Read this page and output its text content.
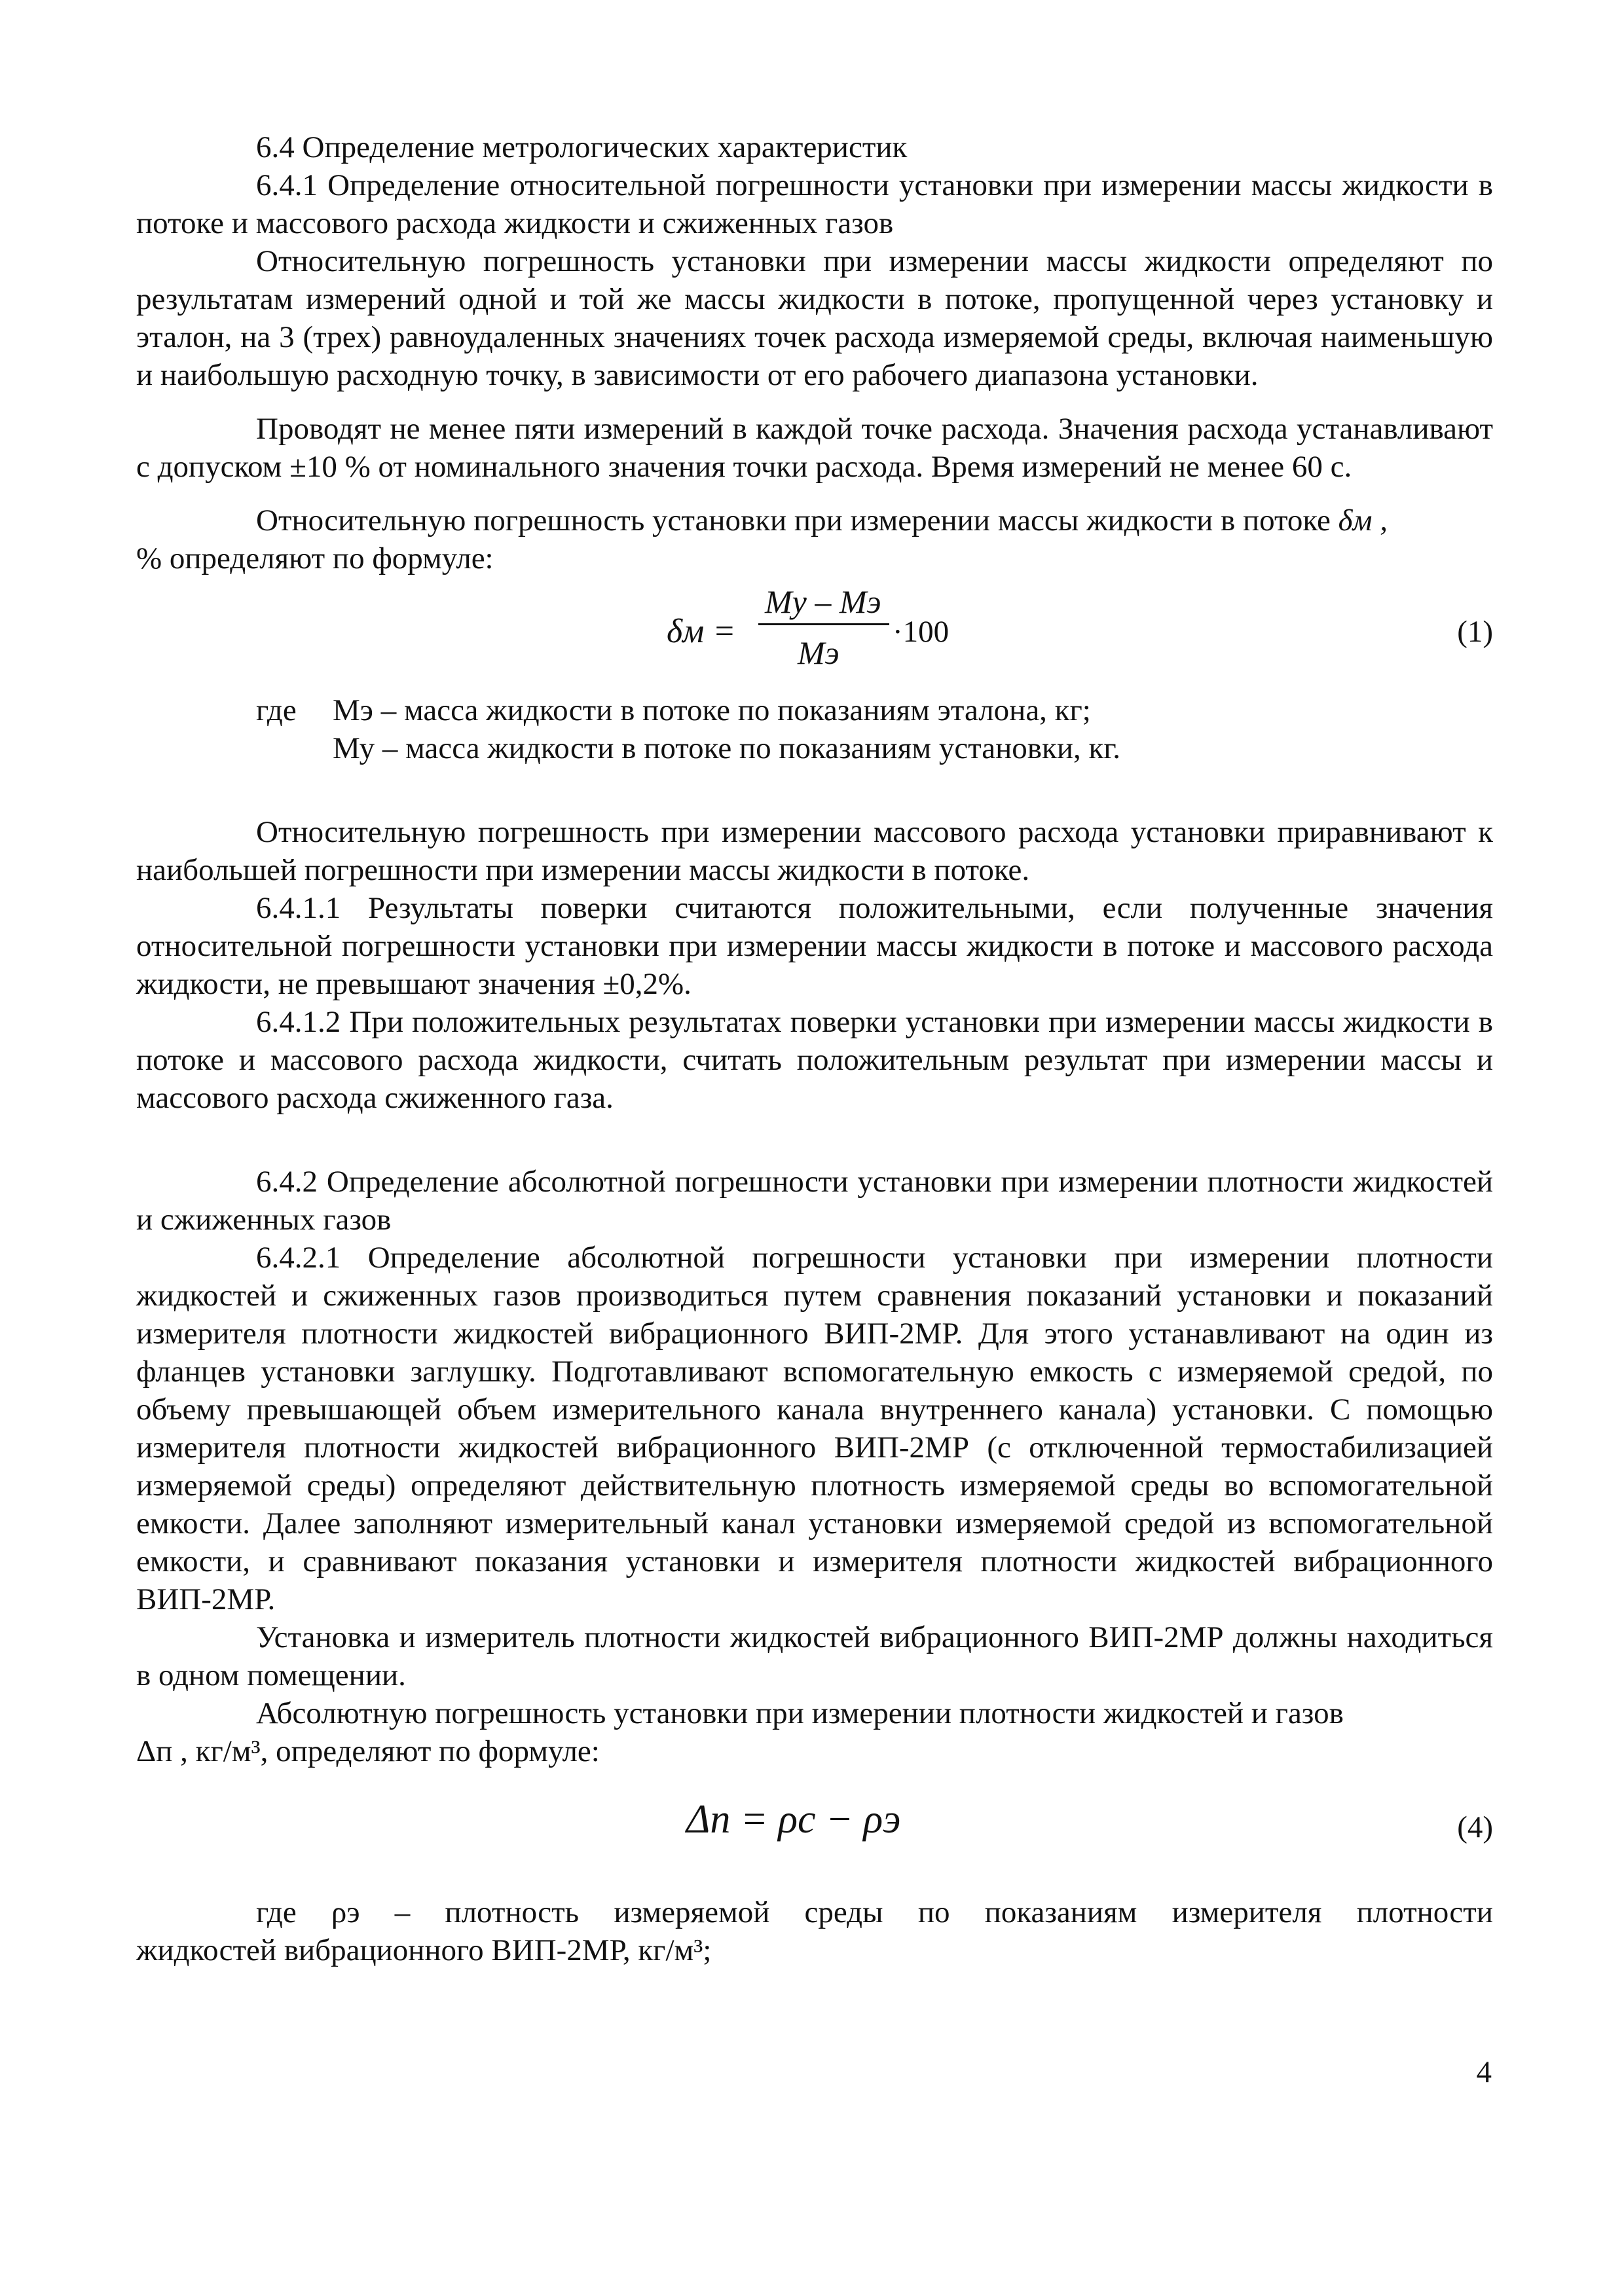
6.4 Определение метрологических характеристик

6.4.1 Определение относительной погрешности установки при измерении массы жидкости в потоке и массового расхода жидкости и сжиженных газов

Относительную погрешность установки при измерении массы жидкости определяют по результатам измерений одной и той же массы жидкости в потоке, пропущенной через установку и эталон, на 3 (трех) равноудаленных значениях точек расхода измеряемой среды, включая наименьшую и наибольшую расходную точку, в зависимости от его рабочего диапазона установки.

Проводят не менее пяти измерений в каждой точке расхода. Значения расхода устанавливают с допуском ±10 % от номинального значения точки расхода. Время измерений не менее 60 с.

Относительную погрешность установки при измерении массы жидкости в потоке δм ,

% определяют по формуле:

δм =
Му – Мэ
Мэ
·100	(1)
где Мэ – масса жидкости в потоке по показаниям эталона, кг;
Му – масса жидкости в потоке по показаниям установки, кг.

Относительную погрешность при измерении массового расхода установки приравнивают к наибольшей погрешности при измерении массы жидкости в потоке.

6.4.1.1 Результаты поверки считаются положительными, если полученные значения относительной погрешности установки при измерении массы жидкости в потоке и массового расхода жидкости, не превышают значения ±0,2%.

6.4.1.2 При положительных результатах поверки установки при измерении массы жидкости в потоке и массового расхода жидкости, считать положительным результат при измерении массы и массового расхода сжиженного газа.

6.4.2 Определение абсолютной погрешности установки при измерении плотности жидкостей и сжиженных газов

6.4.2.1 Определение абсолютной погрешности установки при измерении плотности жидкостей и сжиженных газов производиться путем сравнения показаний установки и показаний измерителя плотности жидкостей вибрационного ВИП-2МР. Для этого устанавливают на один из фланцев установки заглушку. Подготавливают вспомогательную емкость с измеряемой средой, по объему превышающей объем измерительного канала внутреннего канала) установки. С помощью измерителя плотности жидкостей вибрационного ВИП-2МР (с отключенной термостабилизацией измеряемой среды) определяют действительную плотность измеряемой среды во вспомогательной емкости. Далее заполняют измерительный канал установки измеряемой средой из вспомогательной емкости, и сравнивают показания установки и измерителя плотности жидкостей вибрационного ВИП-2МР.

Установка и измеритель плотности жидкостей вибрационного ВИП-2МР должны находиться в одном помещении.

Абсолютную погрешность установки при измерении плотности жидкостей и газов

Δп , кг/м³, определяют по формуле:

Δп = ρс − ρэ	(4)

где ρэ – плотность измеряемой среды по показаниям измерителя плотности

жидкостей вибрационного ВИП-2МР, кг/м³;

4
